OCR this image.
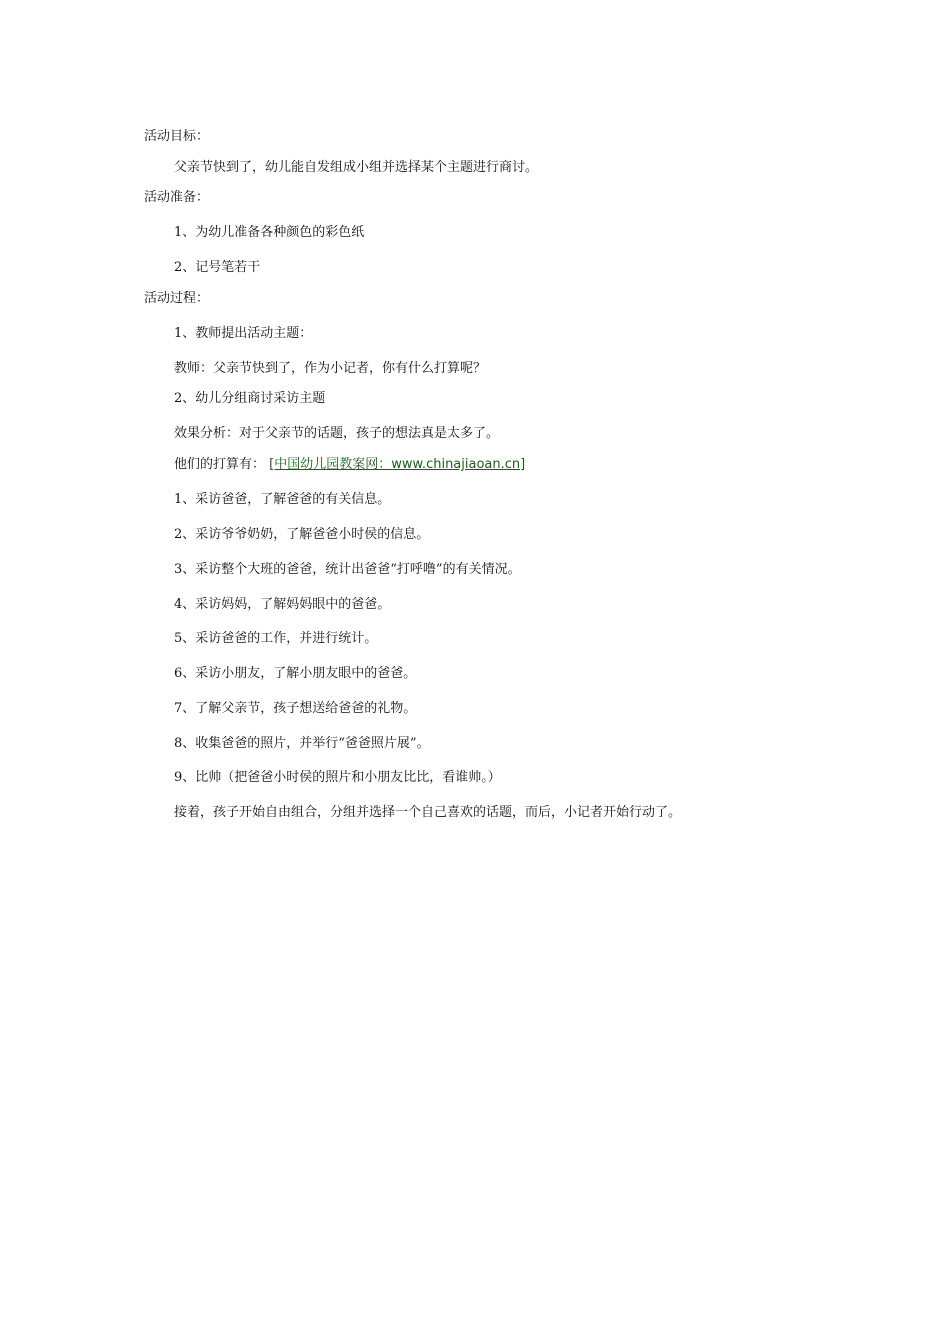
活动目标：
父亲节快到了，幼儿能自发组成小组并选择某个主题进行商讨。
活动准备：
1、为幼儿准备各种颜色的彩色纸
2、记号笔若干
活动过程：
1、教师提出活动主题：
教师：父亲节快到了，作为小记者，你有什么打算呢？
2、幼儿分组商讨采访主题
效果分析：对于父亲节的话题，孩子的想法真是太多了。
他们的打算有： [中国幼儿园教案网：www.chinajiaoan.cn]
1、采访爸爸，了解爸爸的有关信息。
2、采访爷爷奶奶，了解爸爸小时侯的信息。
3、采访整个大班的爸爸，统计出爸爸“打呼噜”的有关情况。
4、采访妈妈，了解妈妈眼中的爸爸。
5、采访爸爸的工作，并进行统计。
6、采访小朋友，了解小朋友眼中的爸爸。
7、了解父亲节，孩子想送给爸爸的礼物。
8、收集爸爸的照片，并举行“爸爸照片展”。
9、比帅（把爸爸小时侯的照片和小朋友比比，看谁帅。）
接着，孩子开始自由组合，分组并选择一个自己喜欢的话题，而后，小记者开始行动了。
